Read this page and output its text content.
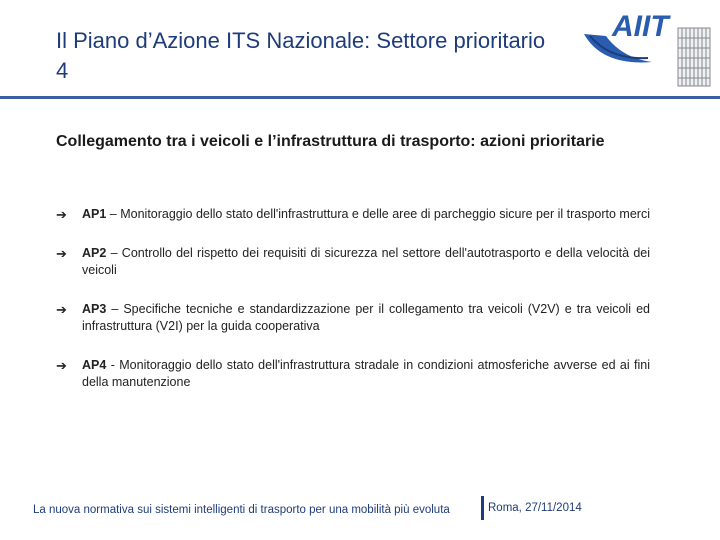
Il Piano d’Azione ITS Nazionale: Settore prioritario 4
AIIT
Collegamento tra i veicoli e l’infrastruttura di trasporto: azioni prioritarie
➔ AP1 – Monitoraggio dello stato dell'infrastruttura e delle aree di parcheggio sicure per il trasporto merci
➔ AP2 – Controllo del rispetto dei requisiti di sicurezza nel settore dell'autotrasporto e della velocità dei veicoli
➔ AP3 – Specifiche tecniche e standardizzazione per il collegamento tra veicoli (V2V) e tra veicoli ed infrastruttura (V2I) per la guida cooperativa
➔ AP4 - Monitoraggio dello stato dell'infrastruttura stradale in condizioni atmosferiche avverse ed ai fini della manutenzione
La nuova normativa sui sistemi intelligenti di trasporto per una mobilità più evoluta	Roma, 27/11/2014
